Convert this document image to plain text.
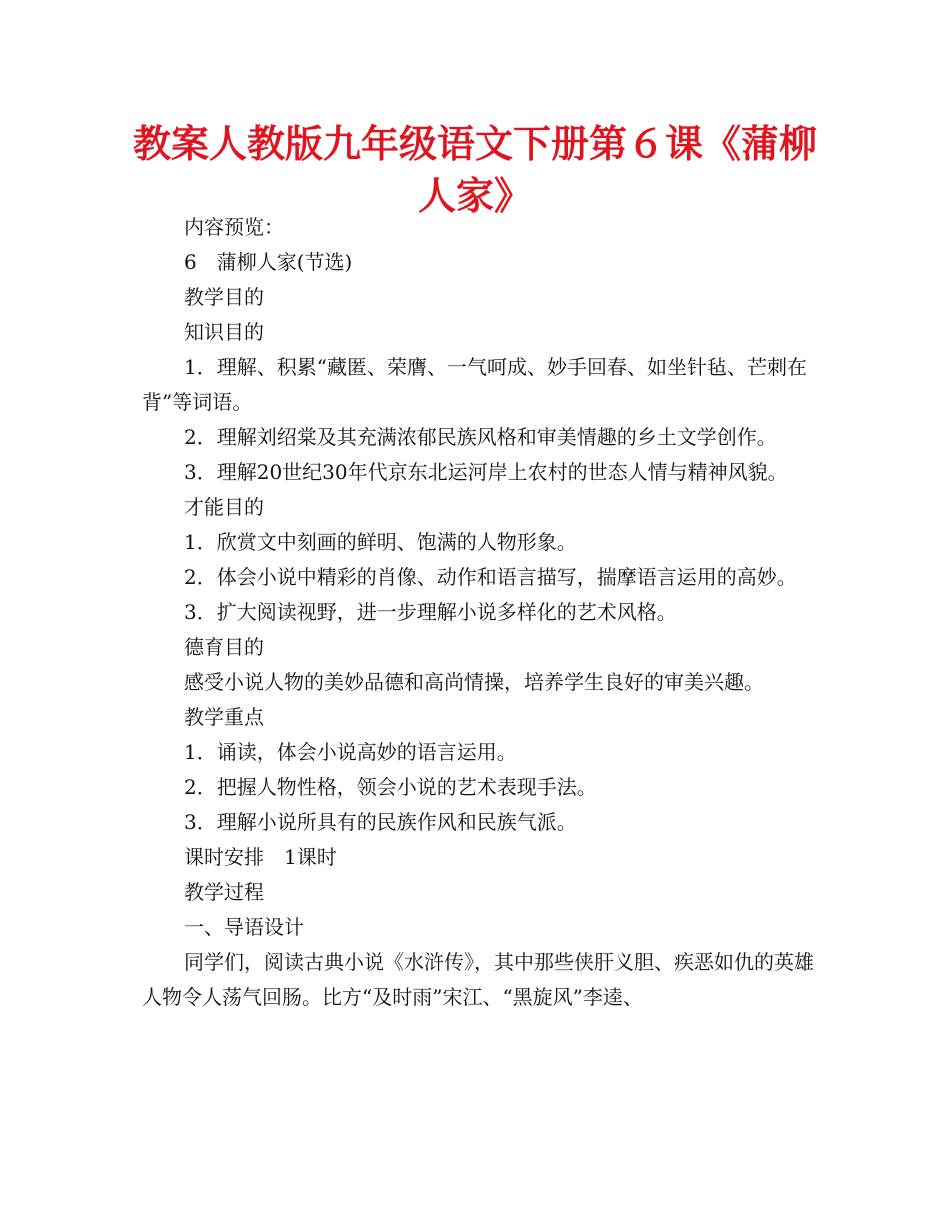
教案人教版九年级语文下册第６课《蒲柳
人家》

内容预览：

6　蒲柳人家(节选)

教学目的

知识目的

1．理解、积累“藏匿、荣膺、一气呵成、妙手回春、如坐针毡、芒刺在背”等词语。

2．理解刘绍棠及其充满浓郁民族风格和审美情趣的乡土文学创作。

3．理解20世纪30年代京东北运河岸上农村的世态人情与精神风貌。

才能目的

1．欣赏文中刻画的鲜明、饱满的人物形象。

2．体会小说中精彩的肖像、动作和语言描写，揣摩语言运用的高妙。

3．扩大阅读视野，进一步理解小说多样化的艺术风格。

德育目的

感受小说人物的美妙品德和高尚情操，培养学生良好的审美兴趣。

教学重点

1．诵读，体会小说高妙的语言运用。

2．把握人物性格，领会小说的艺术表现手法。

3．理解小说所具有的民族作风和民族气派。

课时安排　1课时

教学过程

一、导语设计

同学们，阅读古典小说《水浒传》，其中那些侠肝义胆、疾恶如仇的英雄人物令人荡气回肠。比方“及时雨”宋江、“黑旋风”李逵、
